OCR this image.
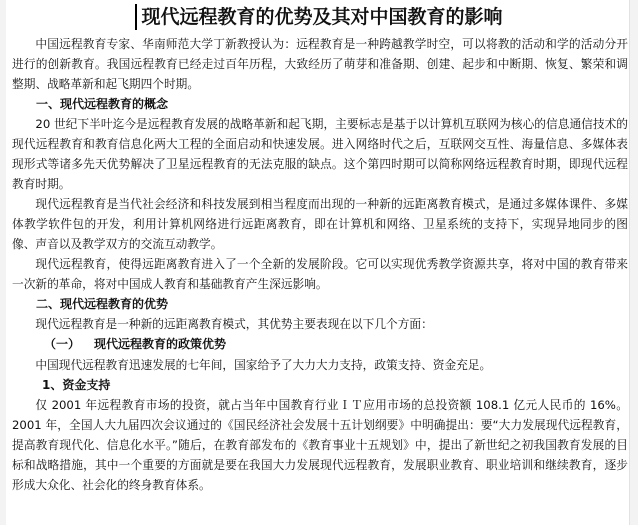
现代远程教育的优势及其对中国教育的影响

中国远程教育专家、华南师范大学丁新教授认为：远程教育是一种跨越教学时空，可以将教的活动和学的活动分开进行的创新教育。我国远程教育已经走过百年历程，大致经历了萌芽和准备期、创建、起步和中断期、恢复、繁荣和调整期、战略革新和起飞期四个时期。

一、现代远程教育的概念

20 世纪下半叶迄今是远程教育发展的战略革新和起飞期，主要标志是基于以计算机互联网为核心的信息通信技术的现代远程教育和教育信息化两大工程的全面启动和快速发展。进入网络时代之后，互联网交互性、海量信息、多媒体表现形式等诸多先天优势解决了卫星远程教育的无法克服的缺点。这个第四时期可以简称网络远程教育时期，即现代远程教育时期。

现代远程教育是当代社会经济和科技发展到相当程度而出现的一种新的远距离教育模式，是通过多媒体课件、多媒体教学软件包的开发，利用计算机网络进行远距离教育，即在计算机和网络、卫星系统的支持下，实现异地同步的图像、声音以及教学双方的交流互动教学。

现代远程教育，使得远距离教育进入了一个全新的发展阶段。它可以实现优秀教学资源共享，将对中国的教育带来一次新的革命，将对中国成人教育和基础教育产生深远影响。

二、现代远程教育的优势

现代远程教育是一种新的远距离教育模式，其优势主要表现在以下几个方面：

（一） 现代远程教育的政策优势

中国现代远程教育迅速发展的七年间，国家给予了大力大力支持，政策支持、资金充足。

1、资金支持

仅 2001 年远程教育市场的投资，就占当年中国教育行业ＩＴ应用市场的总投资额 108.1 亿元人民币的 16%。2001 年，全国人大九届四次会议通过的《国民经济社会发展十五计划纲要》中明确提出：要“大力发展现代远程教育，提高教育现代化、信息化水平。”随后，在教育部发布的《教育事业十五规划》中，提出了新世纪之初我国教育发展的目标和战略措施，其中一个重要的方面就是要在我国大力发展现代远程教育，发展职业教育、职业培训和继续教育，逐步形成大众化、社会化的终身教育体系。
